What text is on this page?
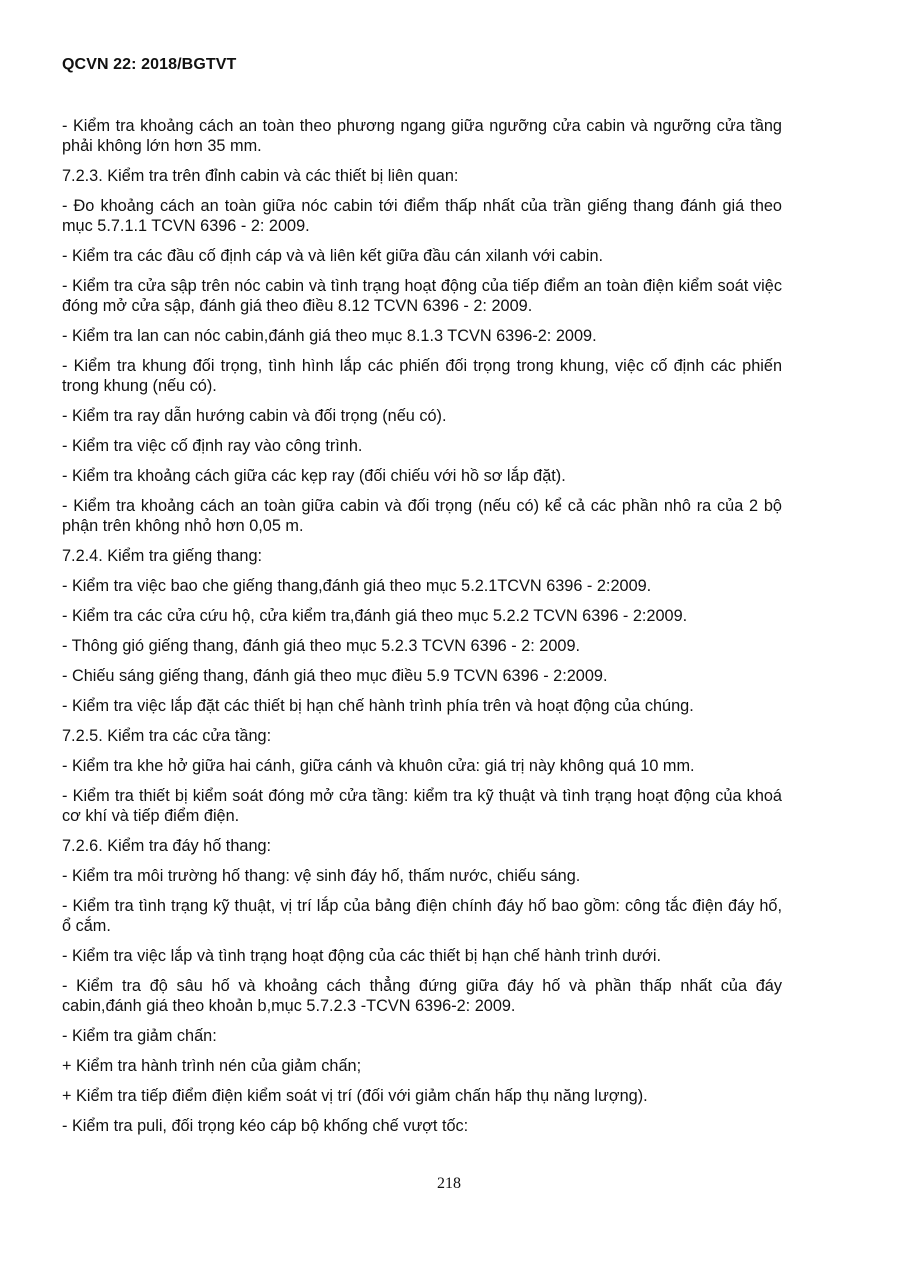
QCVN 22: 2018/BGTVT

- Kiểm tra khoảng cách an toàn theo phương ngang giữa ngưỡng cửa cabin và ngưỡng cửa tầng phải không lớn hơn 35 mm.

7.2.3. Kiểm tra trên đỉnh cabin và các thiết bị liên quan:

- Đo khoảng cách an toàn giữa nóc cabin tới điểm thấp nhất của trần giếng thang đánh giá theo mục 5.7.1.1 TCVN 6396 - 2: 2009.

- Kiểm tra các đầu cố định cáp và và liên kết giữa đầu cán xilanh với cabin.

- Kiểm tra cửa sập trên nóc cabin và tình trạng hoạt động của tiếp điểm an toàn điện kiểm soát việc đóng mở cửa sập, đánh giá theo điều 8.12 TCVN 6396 - 2: 2009.

- Kiểm tra lan can nóc cabin,đánh giá theo mục 8.1.3 TCVN 6396-2: 2009.

- Kiểm tra khung đối trọng, tình hình lắp các phiến đối trọng trong khung, việc cố định các phiến trong khung (nếu có).

- Kiểm tra ray dẫn hướng cabin và đối trọng (nếu có).

- Kiểm tra việc cố định ray vào công trình.

- Kiểm tra khoảng cách giữa các kẹp ray (đối chiếu với hồ sơ lắp đặt).

- Kiểm tra khoảng cách an toàn giữa cabin và đối trọng (nếu có) kể cả các phần nhô ra của 2 bộ phận trên không nhỏ hơn 0,05 m.

7.2.4. Kiểm tra giếng thang:

- Kiểm tra việc bao che giếng thang,đánh giá theo mục 5.2.1TCVN 6396 - 2:2009.

- Kiểm tra các cửa cứu hộ, cửa kiểm tra,đánh giá theo mục 5.2.2 TCVN 6396 - 2:2009.

- Thông gió giếng thang, đánh giá theo mục 5.2.3 TCVN 6396 - 2: 2009.

- Chiếu sáng giếng thang, đánh giá theo mục điều 5.9 TCVN 6396 - 2:2009.

- Kiểm tra việc lắp đặt các thiết bị hạn chế hành trình phía trên và hoạt động của chúng.

7.2.5. Kiểm tra các cửa tầng:

- Kiểm tra khe hở giữa hai cánh, giữa cánh và khuôn cửa: giá trị này không quá 10 mm.

- Kiểm tra thiết bị kiểm soát đóng mở cửa tầng: kiểm tra kỹ thuật và tình trạng hoạt động của khoá cơ khí và tiếp điểm điện.

7.2.6. Kiểm tra đáy hố thang:

- Kiểm tra môi trường hố thang: vệ sinh đáy hố, thấm nước, chiếu sáng.

- Kiểm tra tình trạng kỹ thuật, vị trí lắp của bảng điện chính đáy hố bao gồm: công tắc điện đáy hố, ổ cắm.

- Kiểm tra việc lắp và tình trạng hoạt động của các thiết bị hạn chế hành trình dưới.

- Kiểm tra độ sâu hố và khoảng cách thẳng đứng giữa đáy hố và phần thấp nhất của đáy cabin,đánh giá theo khoản b,mục 5.7.2.3 -TCVN 6396-2: 2009.

- Kiểm tra giảm chấn:

+ Kiểm tra hành trình nén của giảm chấn;

+ Kiểm tra tiếp điểm điện kiểm soát vị trí (đối với giảm chấn hấp thụ năng lượng).

- Kiểm tra puli, đối trọng kéo cáp bộ khống chế vượt tốc:

218
